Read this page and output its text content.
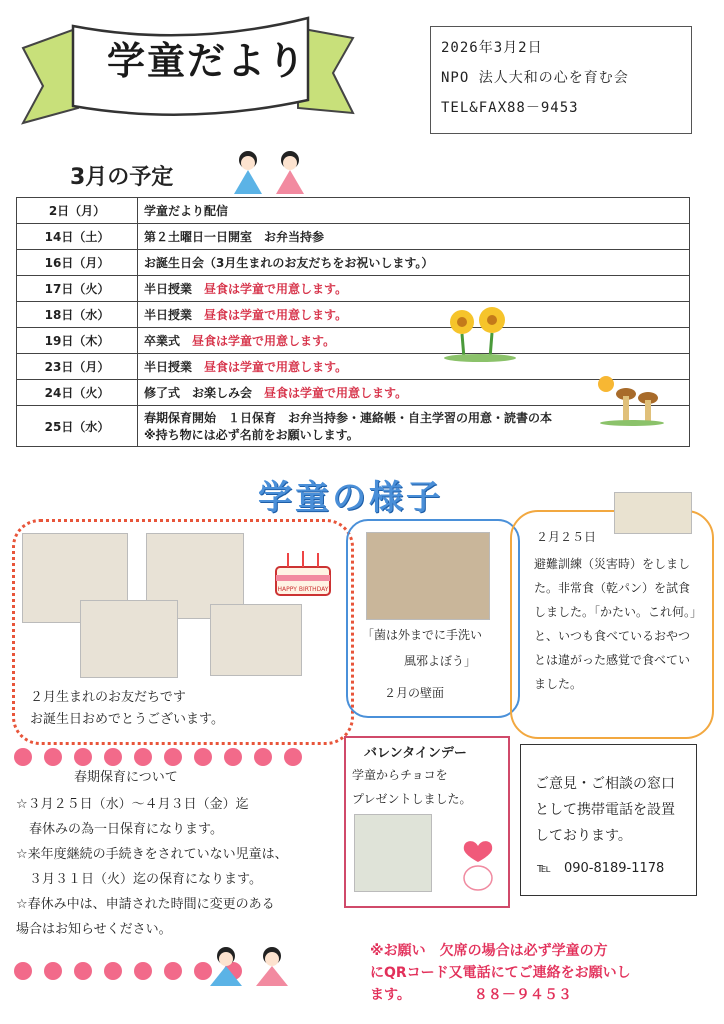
学童だより	2026年3月2日
NPO 法人大和の心を育む会
TEL&FAX88－9453
3月の予定
2日（月）	学童だより配信
14日（土）	第２土曜日一日開室　お弁当持参
16日（月）	お誕生日会（3月生まれのお友だちをお祝いします。）
17日（火）	半日授業　 昼食は学童で用意します。
18日（水）	半日授業　 昼食は学童で用意します。
19日（木）	卒業式　 昼食は学童で用意します。
23日（月）	半日授業　 昼食は学童で用意します。
24日（火）	修了式　お楽しみ会　 昼食は学童で用意します。
25日（水）	春期保育開始　１日保育　お弁当持参・連絡帳・自主学習の用意・読書の本
※持ち物には必ず名前をお願いします。
学童の様子
HAPPY BIRTHDAY
２月生まれのお友だちです
お誕生日おめでとうございます。
「菌は外までに手洗い
風邪よぼう」
２月の壁面
２月２５日
避難訓練（災害時）をしました。非常食（乾パン）を試食しました。「かたい。これ何。」と、いつも食べているおやつとは違がった感覚で食べていました。
春期保育について
☆３月２５日（水）～４月３日（金）迄
　春休みの為一日保育になります。
☆来年度継続の手続きをされていない児童は、
　３月３１日（火）迄の保育になります。
☆春休み中は、申請された時間に変更のある
場合はお知らせください。
バレンタインデー
学童からチョコを
プレゼントしました。
ご意見・ご相談の窓口として携帯電話を設置しております。
℡　090-8189-1178
※お願い　欠席の場合は必ず学童の方
にQRコード又電話にてご連絡をお願いし
ます。　　　　　８８－９４５３
